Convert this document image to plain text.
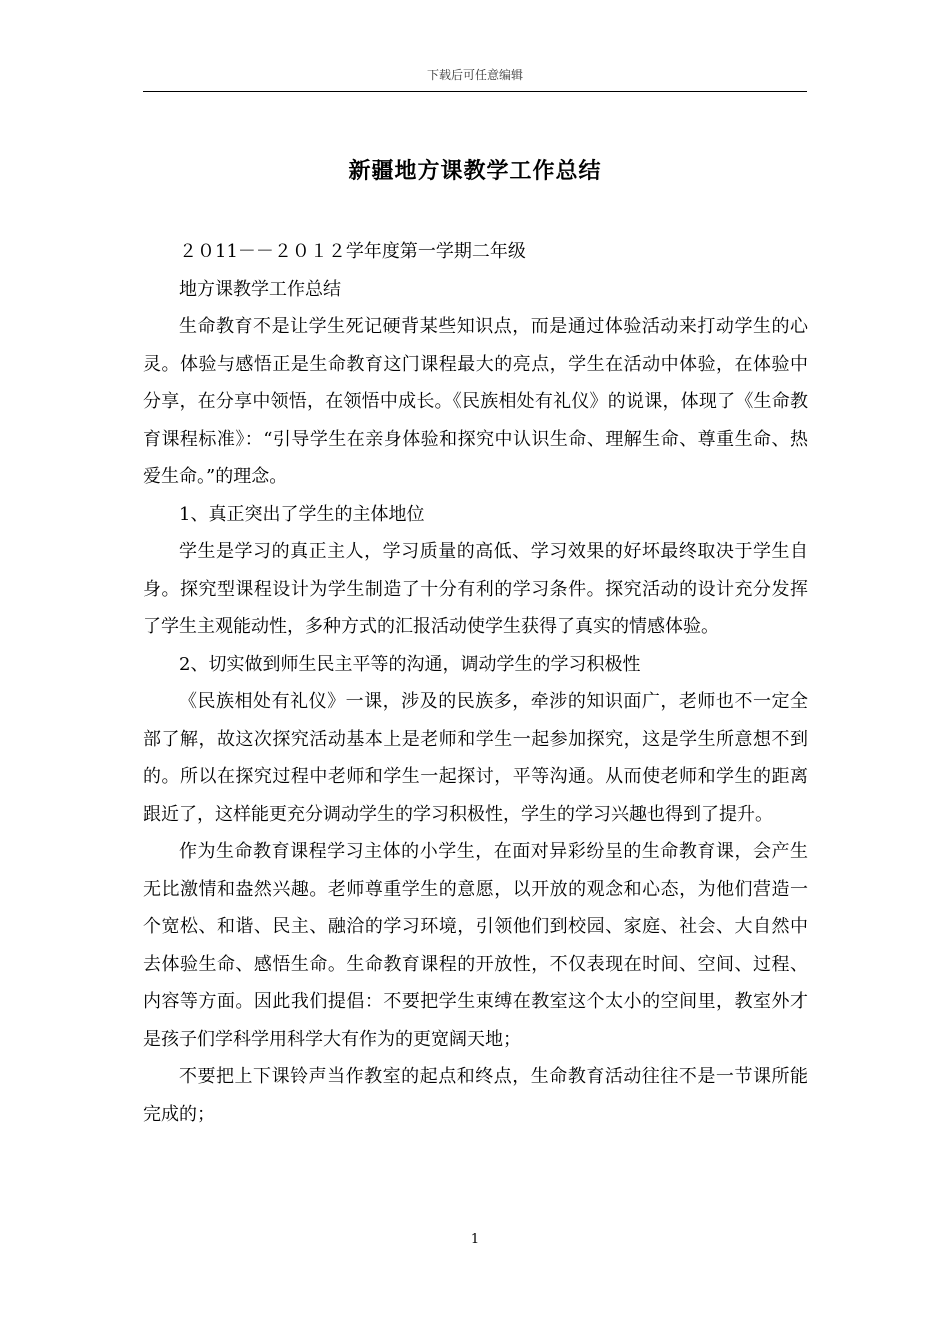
下载后可任意编辑
新疆地方课教学工作总结

２０11－－２０１２学年度第一学期二年级

地方课教学工作总结

生命教育不是让学生死记硬背某些知识点，而是通过体验活动来打动学生的心灵。体验与感悟正是生命教育这门课程最大的亮点，学生在活动中体验，在体验中分享，在分享中领悟，在领悟中成长。《民族相处有礼仪》的说课，体现了《生命教育课程标准》：“引导学生在亲身体验和探究中认识生命、理解生命、尊重生命、热爱生命。”的理念。

1、真正突出了学生的主体地位

学生是学习的真正主人，学习质量的高低、学习效果的好坏最终取决于学生自身。探究型课程设计为学生制造了十分有利的学习条件。探究活动的设计充分发挥了学生主观能动性，多种方式的汇报活动使学生获得了真实的情感体验。

2、切实做到师生民主平等的沟通，调动学生的学习积极性

《民族相处有礼仪》一课，涉及的民族多，牵涉的知识面广，老师也不一定全部了解，故这次探究活动基本上是老师和学生一起参加探究，这是学生所意想不到的。所以在探究过程中老师和学生一起探讨，平等沟通。从而使老师和学生的距离跟近了，这样能更充分调动学生的学习积极性，学生的学习兴趣也得到了提升。

作为生命教育课程学习主体的小学生，在面对异彩纷呈的生命教育课，会产生无比激情和盎然兴趣。老师尊重学生的意愿，以开放的观念和心态，为他们营造一个宽松、和谐、民主、融洽的学习环境，引领他们到校园、家庭、社会、大自然中去体验生命、感悟生命。生命教育课程的开放性，不仅表现在时间、空间、过程、内容等方面。因此我们提倡：不要把学生束缚在教室这个太小的空间里，教室外才是孩子们学科学用科学大有作为的更宽阔天地；

不要把上下课铃声当作教室的起点和终点，生命教育活动往往不是一节课所能完成的；

1
